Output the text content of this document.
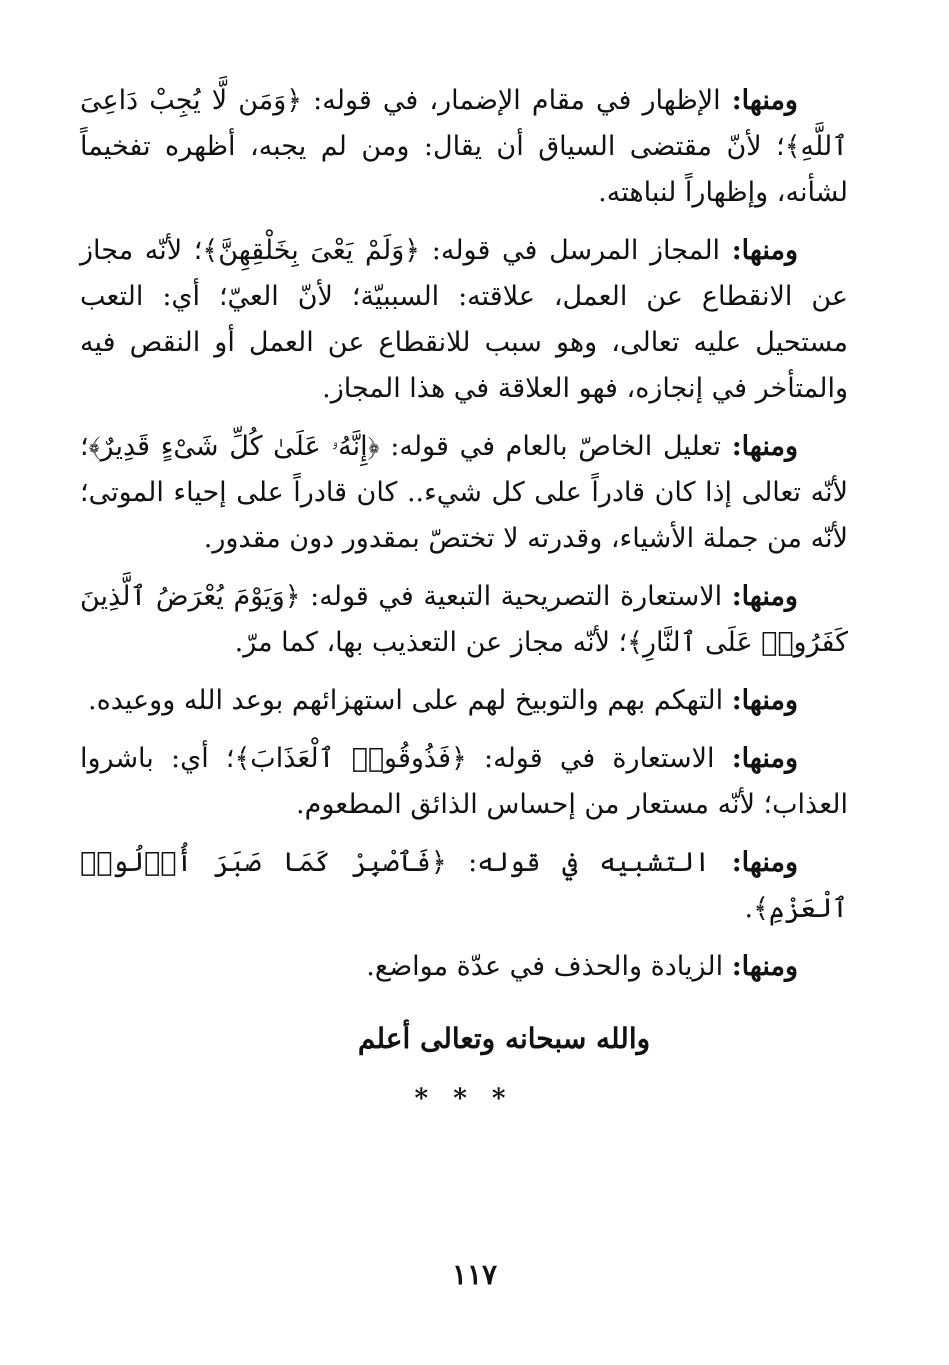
ومنها: الإظهار في مقام الإضمار، في قوله: ﴿وَمَن لَّا يُجِبْ دَاعِىَ ٱللَّهِ﴾؛ لأنّ مقتضى السياق أن يقال: ومن لم يجبه، أظهره تفخيماً لشأنه، وإظهاراً لنباهته.

ومنها: المجاز المرسل في قوله: ﴿وَلَمْ يَعْىَ بِخَلْقِهِنَّ﴾؛ لأنّه مجاز عن الانقطاع عن العمل، علاقته: السببيّة؛ لأنّ العيّ؛ أي: التعب مستحيل عليه تعالى، وهو سبب للانقطاع عن العمل أو النقص فيه والمتأخر في إنجازه، فهو العلاقة في هذا المجاز.

ومنها: تعليل الخاصّ بالعام في قوله: ﴿إِنَّهُۥ عَلَىٰ كُلِّ شَىْءٍ قَدِيرٌ﴾؛ لأنّه تعالى إذا كان قادراً على كل شيء.. كان قادراً على إحياء الموتى؛ لأنّه من جملة الأشياء، وقدرته لا تختصّ بمقدور دون مقدور.

ومنها: الاستعارة التصريحية التبعية في قوله: ﴿وَيَوْمَ يُعْرَضُ ٱلَّذِينَ كَفَرُوا۟ عَلَى ٱلنَّارِ﴾؛ لأنّه مجاز عن التعذيب بها، كما مرّ.

ومنها: التهكم بهم والتوبيخ لهم على استهزائهم بوعد الله ووعيده.

ومنها: الاستعارة في قوله: ﴿فَذُوقُوا۟ ٱلْعَذَابَ﴾؛ أي: باشروا العذاب؛ لأنّه مستعار من إحساس الذائق المطعوم.

ومنها: التشبيه في قوله: ﴿فَٱصْبِرْ كَمَا صَبَرَ أُو۟لُوا۟ ٱلْعَزْمِ﴾.

ومنها: الزيادة والحذف في عدّة مواضع.

والله سبحانه وتعالى أعلم
* * *
١١٧
